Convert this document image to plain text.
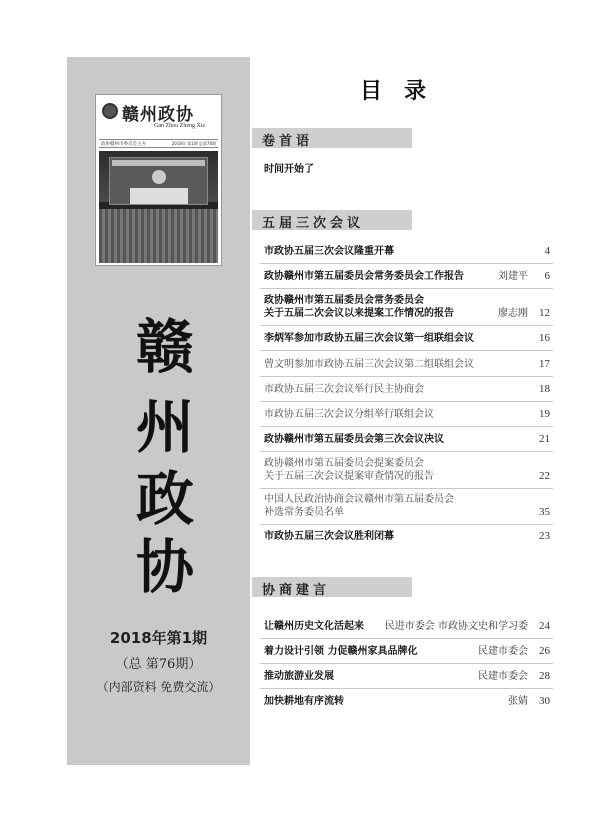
赣州政协
Gan Zhou Zheng Xie
政协赣州市委员会主办	2018年 第1期 总第76期
赣
州
政
协
2018年第1期
（总 第76期）
（内部资料 免费交流）
目录
卷首语
时间开始了
五届三次会议
市政协五届三次会议隆重开幕	4
政协赣州市第五届委员会常务委员会工作报告	刘建平	6
政协赣州市第五届委员会常务委员会
关于五届二次会议以来提案工作情况的报告	廖志刚	12
李炳军参加市政协五届三次会议第一组联组会议	16
曾文明参加市政协五届三次会议第二组联组会议	17
市政协五届三次会议举行民主协商会	18
市政协五届三次会议分组举行联组会议	19
政协赣州市第五届委员会第三次会议决议	21
政协赣州市第五届委员会提案委员会
关于五届三次会议提案审查情况的报告	22
中国人民政治协商会议赣州市第五届委员会
补选常务委员名单	35
市政协五届三次会议胜利闭幕	23
协商建言
让赣州历史文化活起来	民进市委会 市政协文史和学习委	24
着力设计引领 力促赣州家具品牌化	民建市委会	26
推动旅游业发展	民建市委会	28
加快耕地有序流转	张婧	30
